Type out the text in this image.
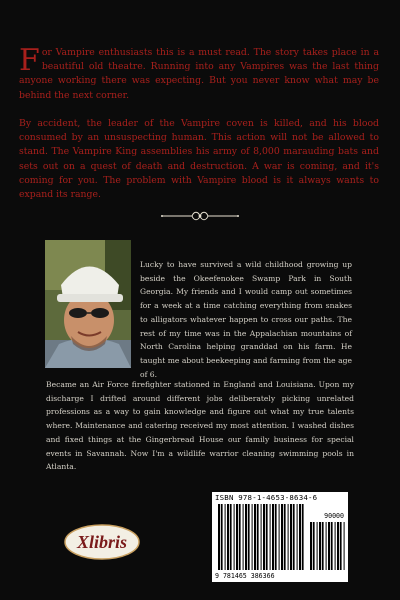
For Vampire enthusiasts this is a must read. The story takes place in a beautiful old theatre. Running into any Vampires was the last thing anyone working there was expecting. But you never know what may be behind the next corner.
By accident, the leader of the Vampire coven is killed, and his blood consumed by an unsuspecting human. This action will not be allowed to stand. The Vampire King assemblies his army of 8,000 marauding bats and sets out on a quest of death and destruction. A war is coming, and it's coming for you. The problem with Vampire blood is it always wants to expand its range.
Lucky to have survived a wild childhood growing up beside the Okeefenokee Swamp Park in South Georgia. My friends and I would camp out sometimes for a week at a time catching everything from snakes to alligators whatever happen to cross our paths. The rest of my time was in the Appalachian mountains of North Carolina helping granddad on his farm. He taught me about beekeeping and farming from the age of 6.
Became an Air Force firefighter stationed in England and Louisiana. Upon my discharge I drifted around different jobs deliberately picking unrelated professions as a way to gain knowledge and figure out what my true talents where. Maintenance and catering received my most attention. I washed dishes and fixed things at the Gingerbread House our family business for special events in Savannah. Now I'm a wildlife warrior cleaning swimming pools in Atlanta.
Xlibris
ISBN 978-1-4653-8634-6
9 781465 386366
90000
